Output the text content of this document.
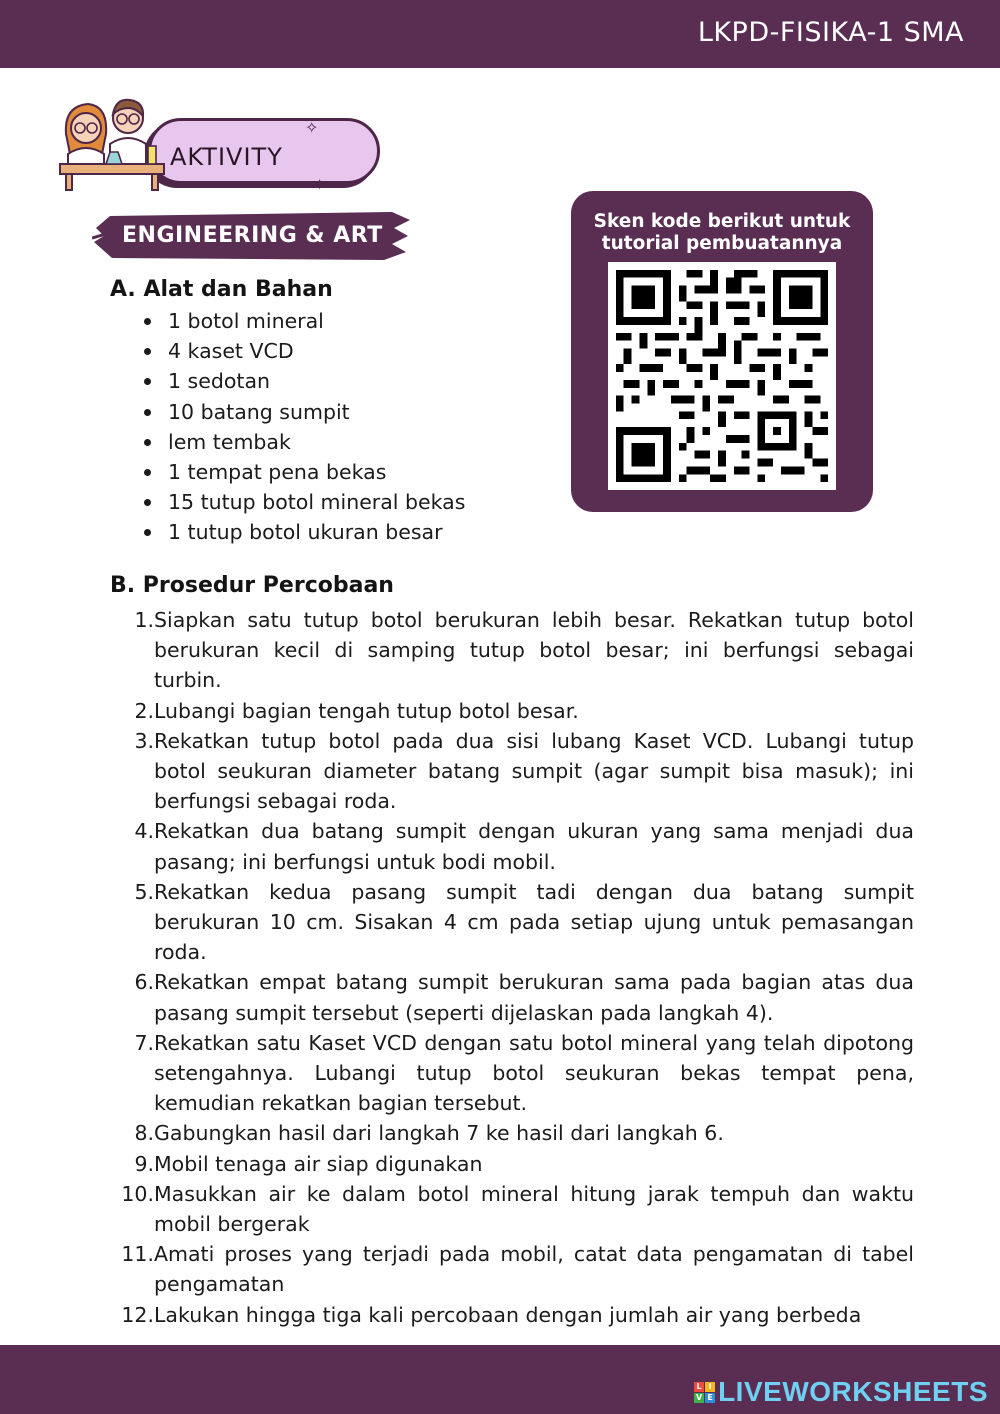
LKPD-FISIKA-1 SMA
✧
✦
AKTIVITY
ENGINEERING & ART
Sken kode berikut untuk
tutorial pembuatannya
A. Alat dan Bahan
1 botol mineral
4 kaset VCD
1 sedotan
10 batang sumpit
lem tembak
1 tempat pena bekas
15 tutup botol mineral bekas
1 tutup botol ukuran besar
B. Prosedur Percobaan
1. Siapkan satu tutup botol berukuran lebih besar. Rekatkan tutup botol berukuran kecil di samping tutup botol besar; ini berfungsi sebagai turbin.
2. Lubangi bagian tengah tutup botol besar.
3. Rekatkan tutup botol pada dua sisi lubang Kaset VCD. Lubangi tutup botol seukuran diameter batang sumpit (agar sumpit bisa masuk); ini berfungsi sebagai roda.
4. Rekatkan dua batang sumpit dengan ukuran yang sama menjadi dua pasang; ini berfungsi untuk bodi mobil.
5. Rekatkan kedua pasang sumpit tadi dengan dua batang sumpit berukuran 10 cm. Sisakan 4 cm pada setiap ujung untuk pemasangan roda.
6. Rekatkan empat batang sumpit berukuran sama pada bagian atas dua pasang sumpit tersebut (seperti dijelaskan pada langkah 4).
7. Rekatkan satu Kaset VCD dengan satu botol mineral yang telah dipotong setengahnya. Lubangi tutup botol seukuran bekas tempat pena, kemudian rekatkan bagian tersebut.
8. Gabungkan hasil dari langkah 7 ke hasil dari langkah 6.
9. Mobil tenaga air siap digunakan
10. Masukkan air ke dalam botol mineral hitung jarak tempuh dan waktu mobil bergerak
11. Amati proses yang terjadi pada mobil, catat data pengamatan di tabel pengamatan
12. Lakukan hingga tiga kali percobaan dengan jumlah air yang berbeda
L I
V E LIVEWORKSHEETS
